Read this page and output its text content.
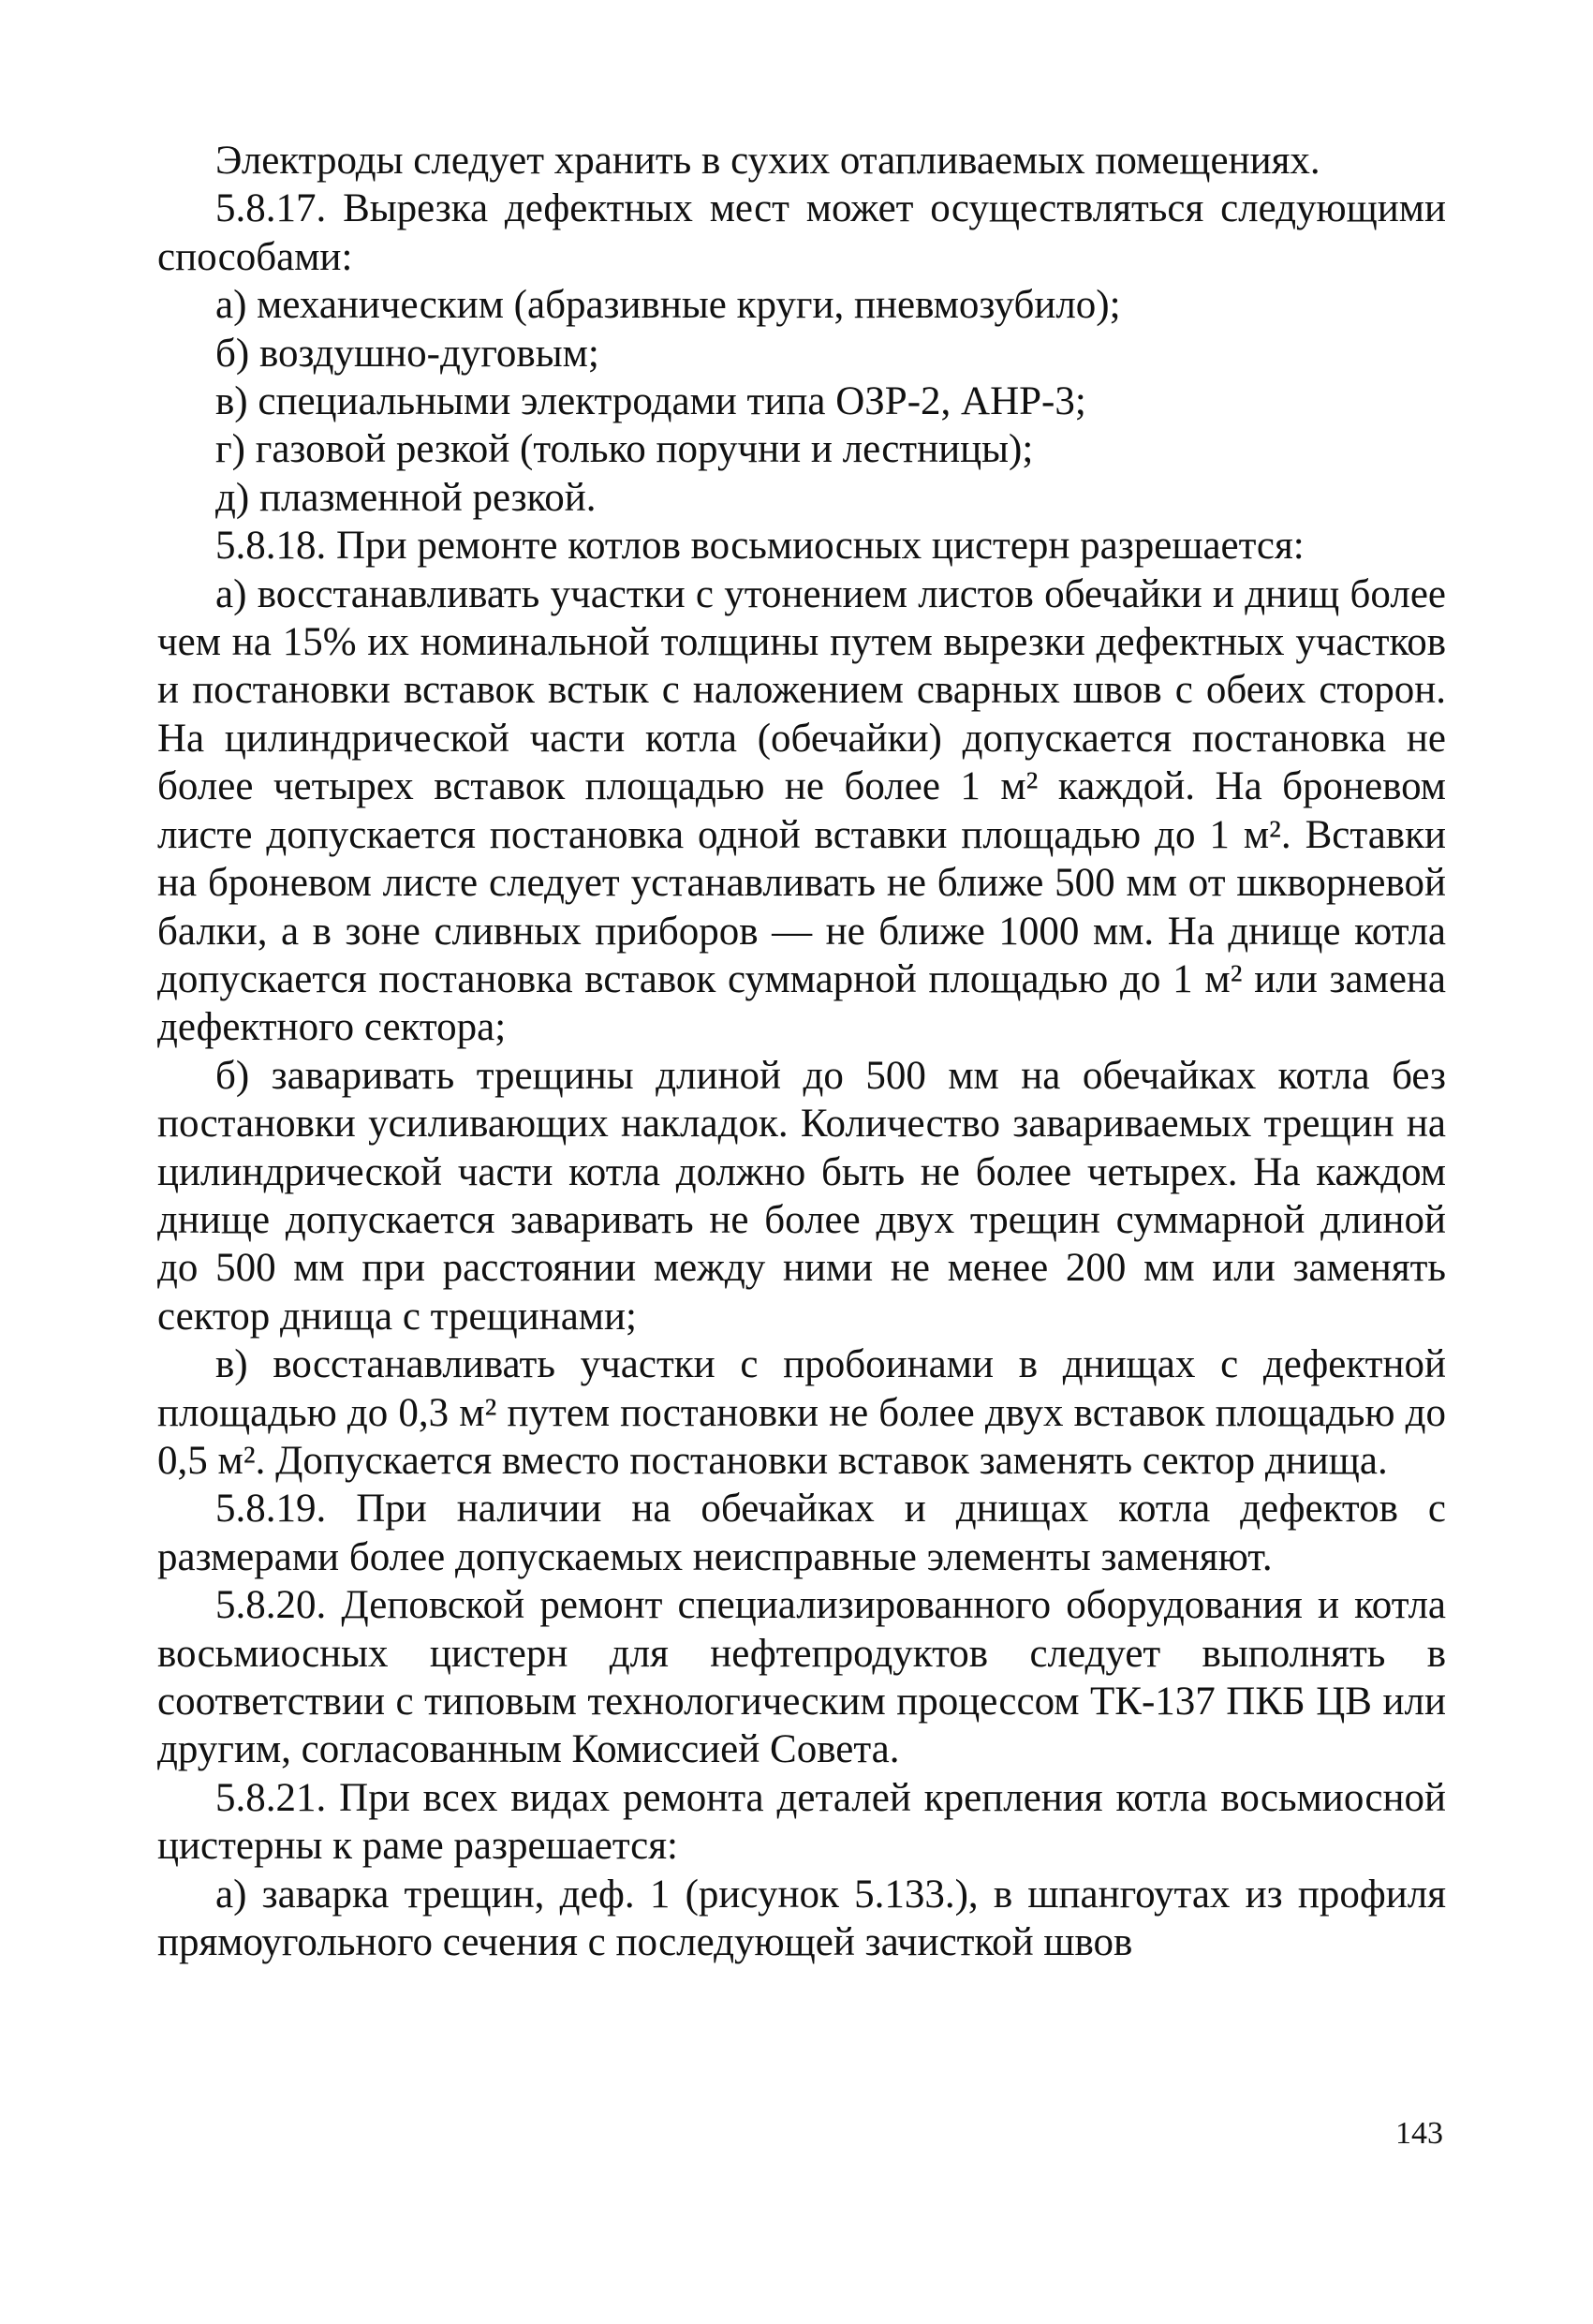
Электроды следует хранить в сухих отапливаемых помещениях.

5.8.17. Вырезка дефектных мест может осуществляться следующими способами:

а) механическим (абразивные круги, пневмозубило);

б) воздушно-дуговым;

в) специальными электродами типа ОЗР-2, АНР-3;

г) газовой резкой (только поручни и лестницы);

д) плазменной резкой.

5.8.18. При ремонте котлов восьмиосных цистерн разрешается:

а) восстанавливать участки с утонением листов обечайки и днищ более чем на 15% их номинальной толщины путем вырезки дефектных участков и постановки вставок встык с наложением сварных швов с обеих сторон. На цилиндрической части котла (обечайки) допускается постановка не более четырех вставок площадью не более 1 м² каждой. На броневом листе допускается постановка одной вставки площадью до 1 м². Вставки на броневом листе следует устанавливать не ближе 500 мм от шкворневой балки, а в зоне сливных приборов — не ближе 1000 мм. На днище котла допускается постановка вставок суммарной площадью до 1 м² или замена дефектного сектора;

б) заваривать трещины длиной до 500 мм на обечайках котла без постановки усиливающих накладок. Количество завариваемых трещин на цилиндрической части котла должно быть не более четырех. На каждом днище допускается заваривать не более двух трещин суммарной длиной до 500 мм при расстоянии между ними не менее 200 мм или заменять сектор днища с трещинами;

в) восстанавливать участки с пробоинами в днищах с дефектной площадью до 0,3 м² путем постановки не более двух вставок площадью до 0,5 м². Допускается вместо постановки вставок заменять сектор днища.

5.8.19. При наличии на обечайках и днищах котла дефектов с размерами более допускаемых неисправные элементы заменяют.

5.8.20. Деповской ремонт специализированного оборудования и котла восьмиосных цистерн для нефтепродуктов следует выполнять в соответствии с типовым технологическим процессом ТК-137 ПКБ ЦВ или другим, согласованным Комиссией Совета.

5.8.21. При всех видах ремонта деталей крепления котла восьмиосной цистерны к раме разрешается:

а) заварка трещин, деф. 1 (рисунок 5.133.), в шпангоутах из профиля прямоугольного сечения с последующей зачисткой швов

143
